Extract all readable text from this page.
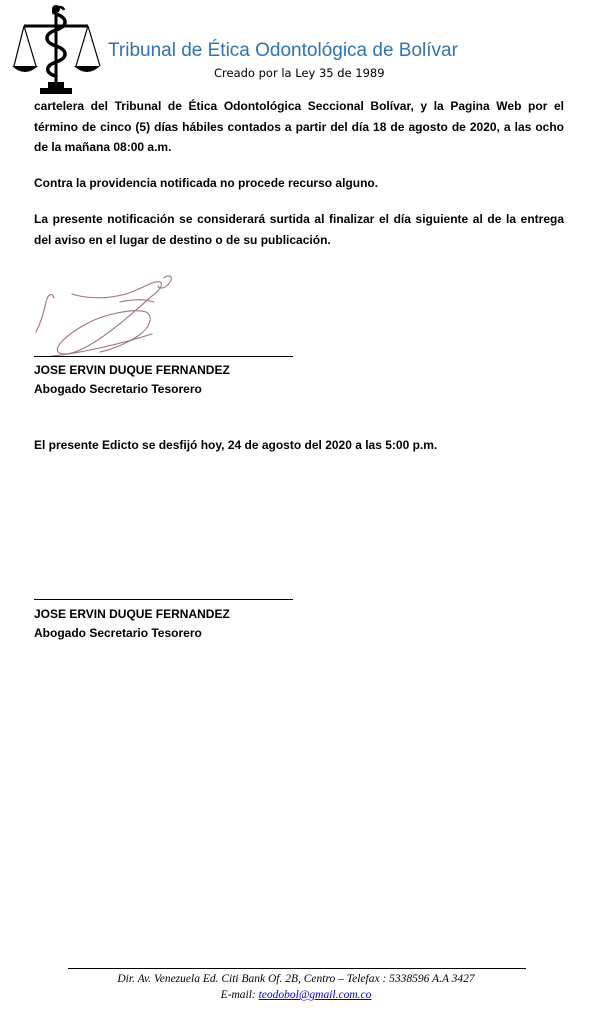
Tribunal de Ética Odontológica de Bolívar
Creado por la Ley 35 de 1989

cartelera del Tribunal de Ética Odontológica Seccional Bolívar, y la Pagina Web por el término de cinco (5) días hábiles contados a partir del día 18 de agosto de 2020, a las ocho de la mañana 08:00 a.m.

Contra la providencia notificada no procede recurso alguno.

La presente notificación se considerará surtida al finalizar el día siguiente al de la entrega del aviso en el lugar de destino o de su publicación.

JOSE ERVIN DUQUE FERNANDEZ
Abogado Secretario Tesorero
El presente Edicto se desfijó hoy, 24 de agosto del 2020 a las 5:00 p.m.
JOSE ERVIN DUQUE FERNANDEZ
Abogado Secretario Tesorero
Dir. Av. Venezuela Ed. Citi Bank Of. 2B, Centro – Telefax : 5338596 A.A 3427
E-mail: teodobol@gmail.com.co
